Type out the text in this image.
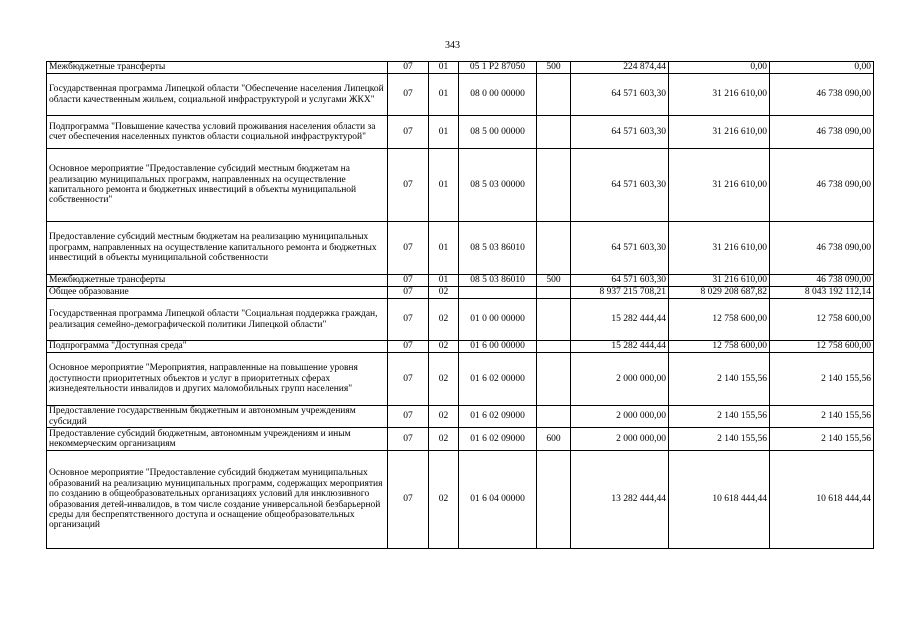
343
Межбюджетные трансферты	07	01	05 1 P2 87050	500	224 874,44	0,00	0,00
Государственная программа Липецкой области "Обеспечение населения Липецкой области качественным жильем, социальной инфраструктурой и услугами ЖКХ"	07	01	08 0 00 00000		64 571 603,30	31 216 610,00	46 738 090,00
Подпрограмма "Повышение качества условий проживания населения области за счет обеспечения населенных пунктов области социальной инфраструктурой"	07	01	08 5 00 00000		64 571 603,30	31 216 610,00	46 738 090,00
Основное мероприятие "Предоставление субсидий местным бюджетам на реализацию муниципальных программ, направленных на осуществление капитального ремонта и бюджетных инвестиций в объекты муниципальной собственности"	07	01	08 5 03 00000		64 571 603,30	31 216 610,00	46 738 090,00
Предоставление субсидий местным бюджетам на реализацию муниципальных программ, направленных на осуществление капитального ремонта и бюджетных инвестиций в объекты муниципальной собственности	07	01	08 5 03 86010		64 571 603,30	31 216 610,00	46 738 090,00
Межбюджетные трансферты	07	01	08 5 03 86010	500	64 571 603,30	31 216 610,00	46 738 090,00
Общее образование	07	02			8 937 215 708,21	8 029 208 687,82	8 043 192 112,14
Государственная программа Липецкой области "Социальная поддержка граждан, реализация семейно-демографической политики Липецкой области"	07	02	01 0 00 00000		15 282 444,44	12 758 600,00	12 758 600,00
Подпрограмма "Доступная среда"	07	02	01 6 00 00000		15 282 444,44	12 758 600,00	12 758 600,00
Основное мероприятие "Мероприятия, направленные на повышение уровня доступности приоритетных объектов и услуг в приоритетных сферах жизнедеятельности инвалидов и других маломобильных групп населения"	07	02	01 6 02 00000		2 000 000,00	2 140 155,56	2 140 155,56
Предоставление государственным бюджетным и автономным учреждениям субсидий	07	02	01 6 02 09000		2 000 000,00	2 140 155,56	2 140 155,56
Предоставление субсидий бюджетным, автономным учреждениям и иным некоммерческим организациям	07	02	01 6 02 09000	600	2 000 000,00	2 140 155,56	2 140 155,56
Основное мероприятие "Предоставление субсидий бюджетам муниципальных образований на реализацию муниципальных программ, содержащих мероприятия по созданию в общеобразовательных организациях условий для инклюзивного образования детей-инвалидов, в том числе создание универсальной безбарьерной среды для беспрепятственного доступа и оснащение общеобразовательных организаций	07	02	01 6 04 00000		13 282 444,44	10 618 444,44	10 618 444,44
